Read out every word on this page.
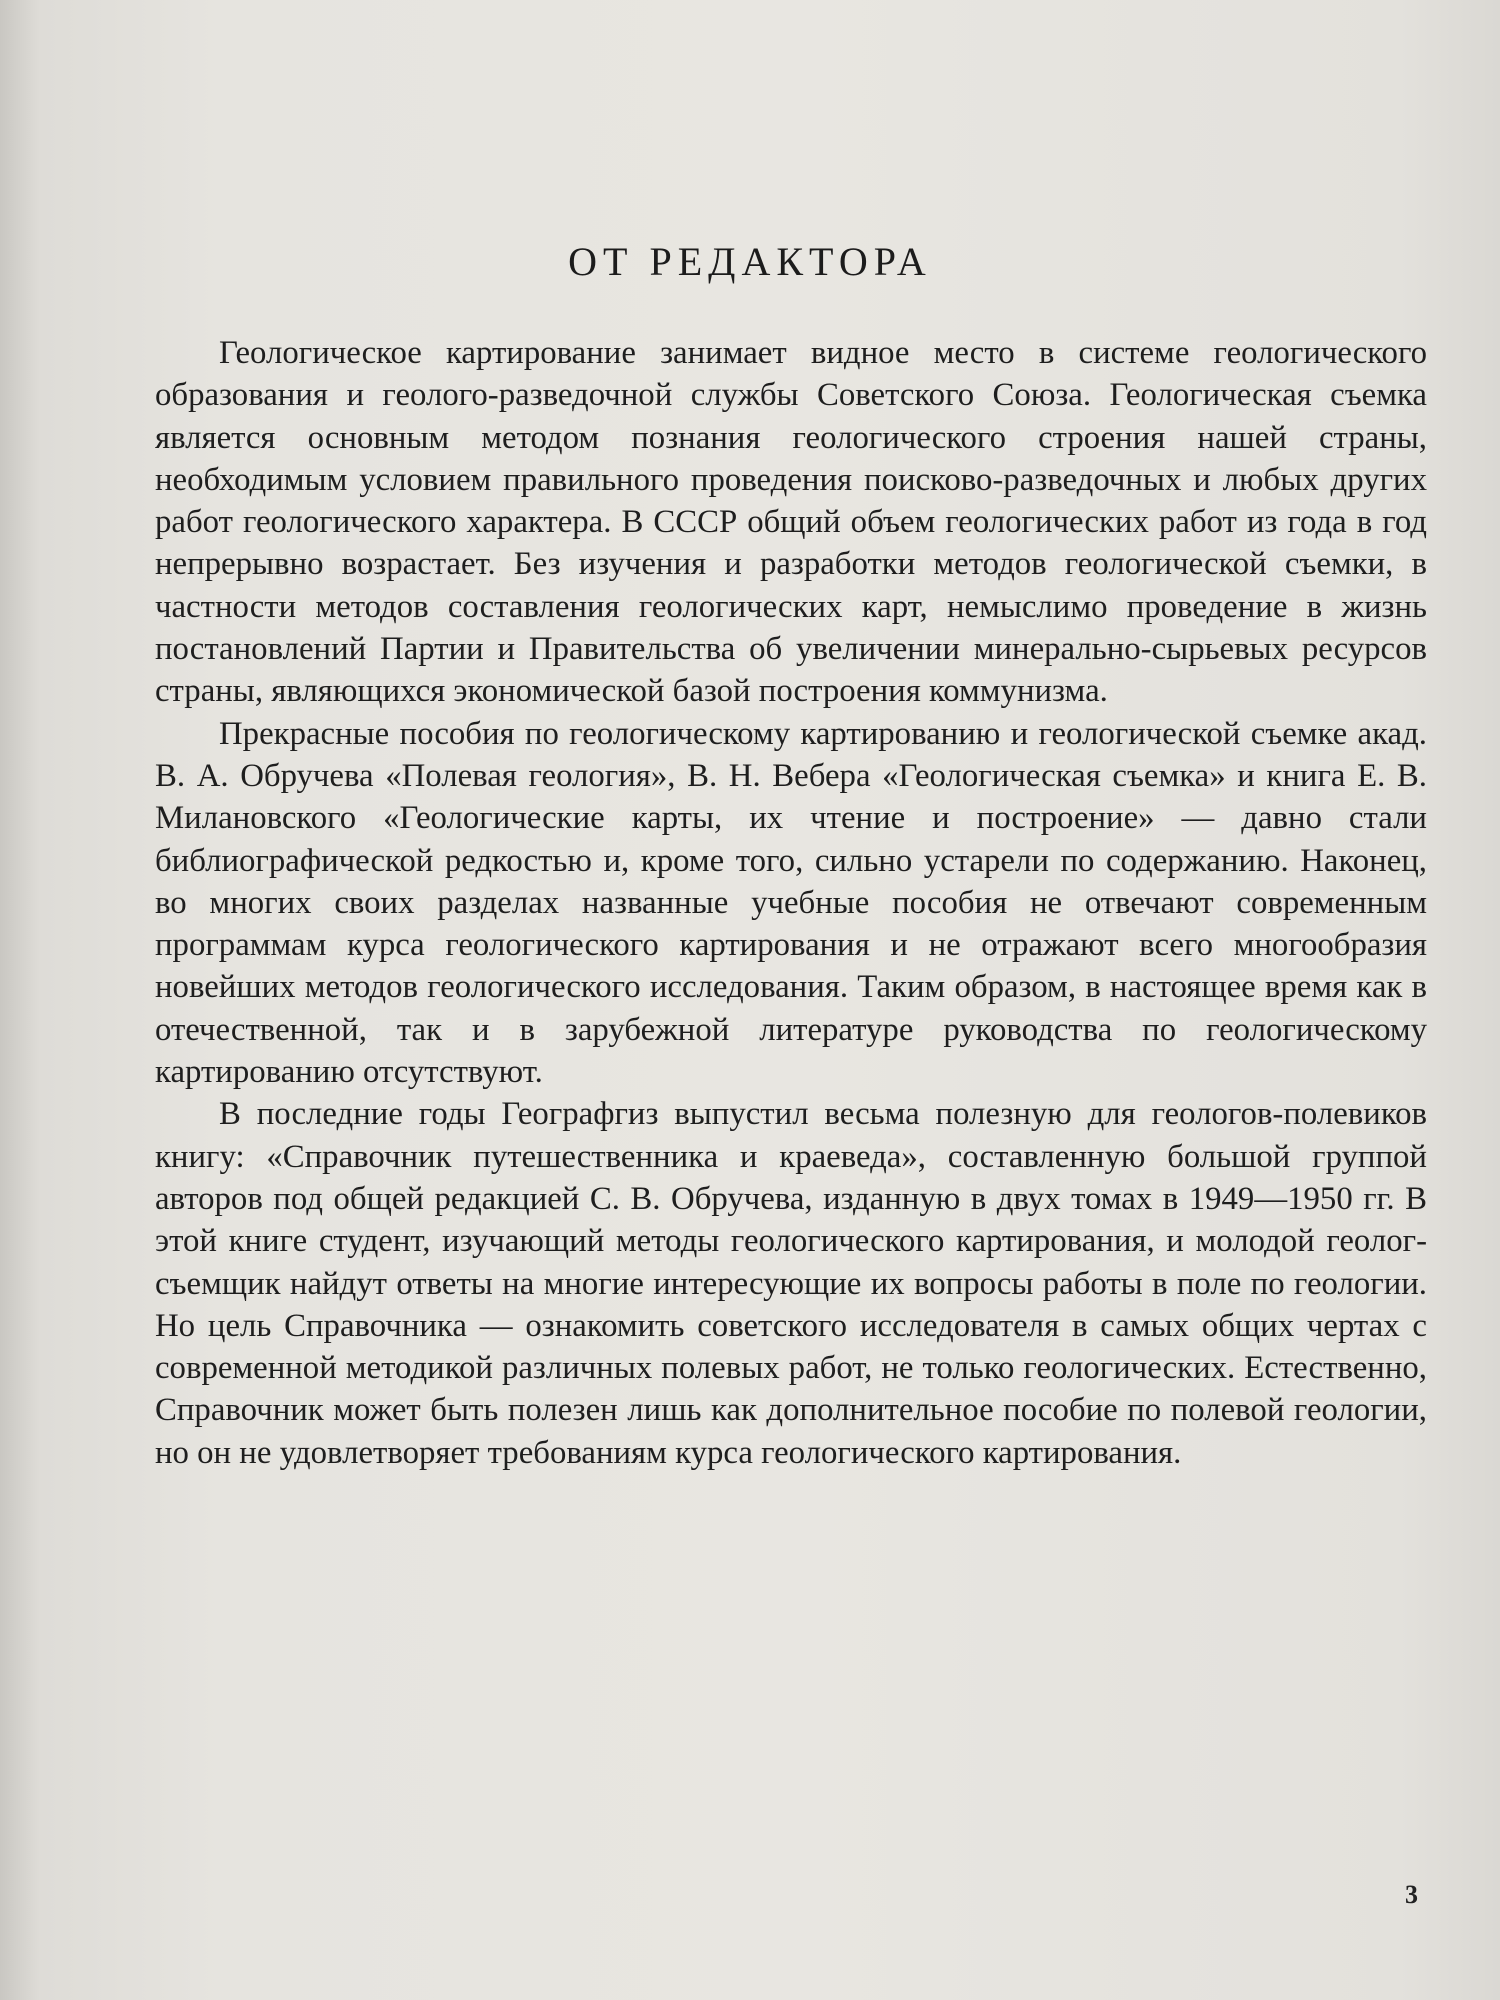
ОТ РЕДАКТОРА

Геологическое картирование занимает видное место в системе геологического образования и геолого-разведочной службы Советского Союза. Геологическая съемка является основным методом познания геологического строения нашей страны, необходимым условием правильного проведения поисково-разведочных и любых других работ геологического характера. В СССР общий объем геологических работ из года в год непрерывно возрастает. Без изучения и разработки методов геологической съемки, в частности методов составления геологических карт, немыслимо проведение в жизнь постановлений Партии и Правительства об увеличении минерально-сырьевых ресурсов страны, являющихся экономической базой построения коммунизма.

Прекрасные пособия по геологическому картированию и геологической съемке акад. В. А. Обручева «Полевая геология», В. Н. Вебера «Геологическая съемка» и книга Е. В. Милановского «Геологические карты, их чтение и построение» — давно стали библиографической редкостью и, кроме того, сильно устарели по содержанию. Наконец, во многих своих разделах названные учебные пособия не отвечают современным программам курса геологического картирования и не отражают всего многообразия новейших методов геологического исследования. Таким образом, в настоящее время как в отечественной, так и в зарубежной литературе руководства по геологическому картированию отсутствуют.

В последние годы Географгиз выпустил весьма полезную для геологов-полевиков книгу: «Справочник путешественника и краеведа», составленную большой группой авторов под общей редакцией С. В. Обручева, изданную в двух томах в 1949—1950 гг. В этой книге студент, изучающий методы геологического картирования, и молодой геолог-съемщик найдут ответы на многие интересующие их вопросы работы в поле по геологии. Но цель Справочника — ознакомить советского исследователя в самых общих чертах с современной методикой различных полевых работ, не только геологических. Естественно, Справочник может быть полезен лишь как дополнительное пособие по полевой геологии, но он не удовлетворяет требованиям курса геологического картирования.

3
